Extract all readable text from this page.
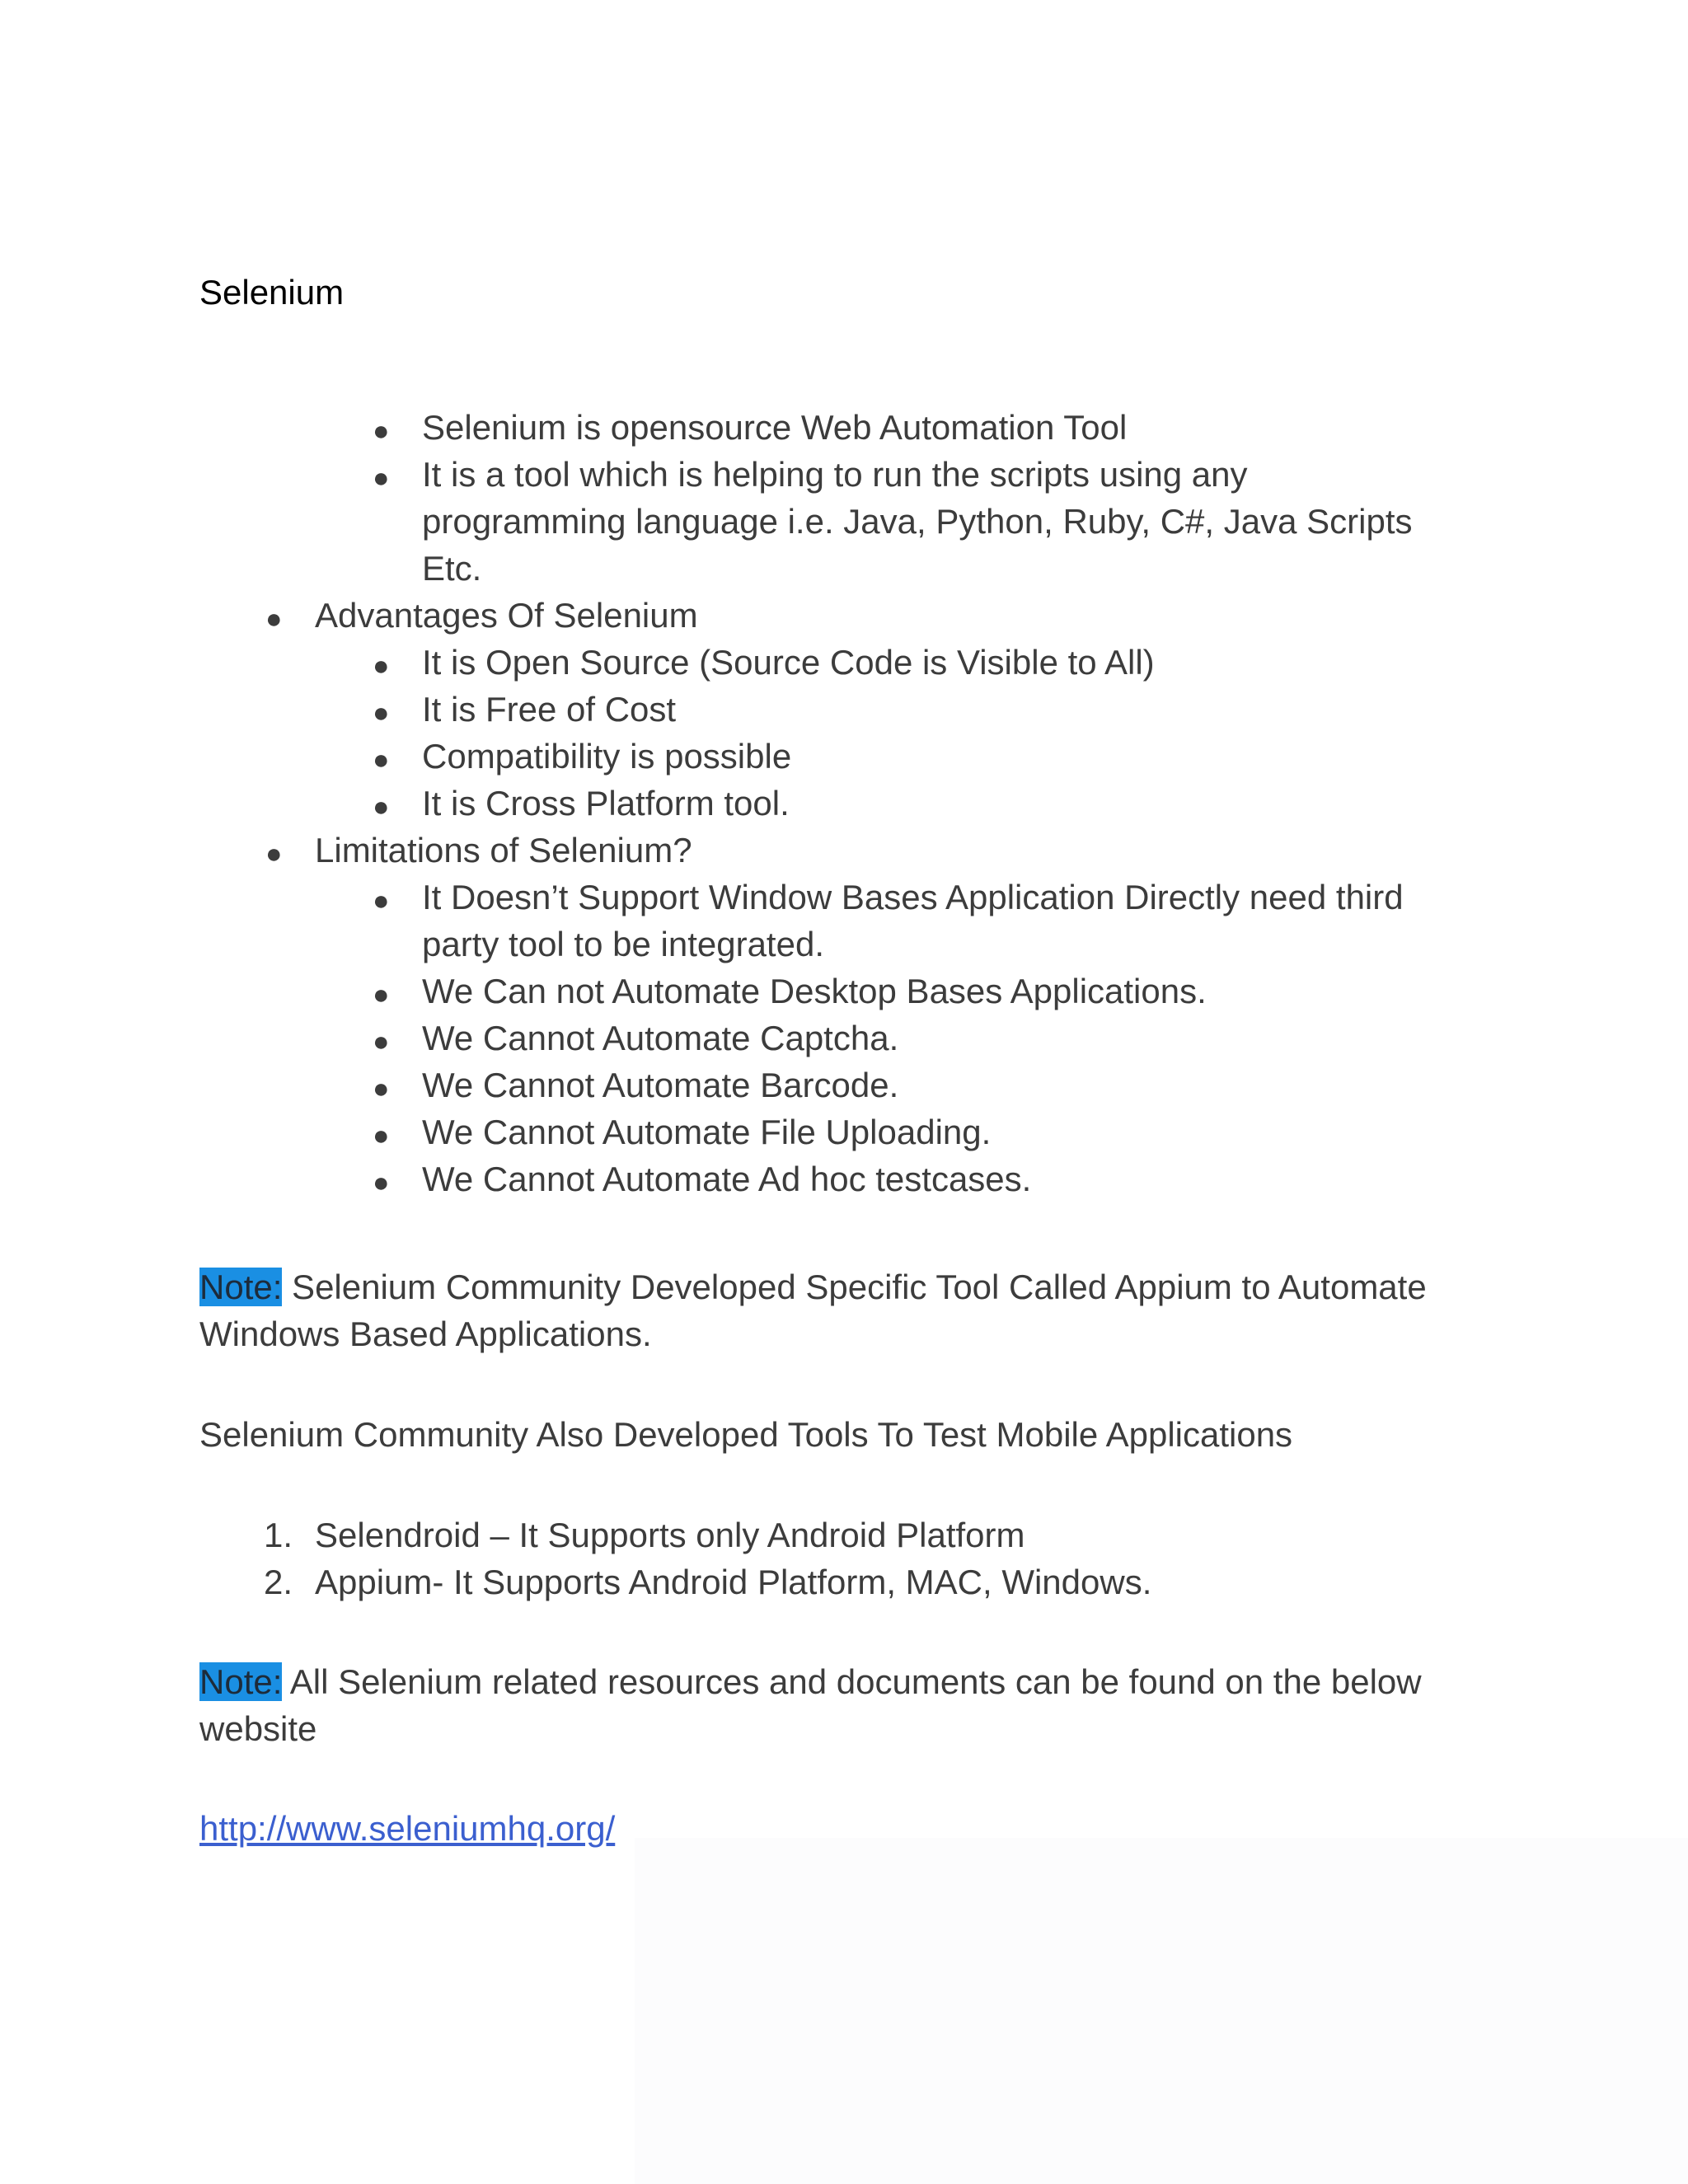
Selenium
● Selenium is opensource Web Automation Tool
● It is a tool which is helping to run the scripts using any
programming language i.e. Java, Python, Ruby, C#, Java Scripts
Etc.
● Advantages Of Selenium
● It is Open Source (Source Code is Visible to All)
● It is Free of Cost
● Compatibility is possible
● It is Cross Platform tool.
● Limitations of Selenium?
● It Doesn’t Support Window Bases Application Directly need third
party tool to be integrated.
● We Can not Automate Desktop Bases Applications.
● We Cannot Automate Captcha.
● We Cannot Automate Barcode.
● We Cannot Automate File Uploading.
● We Cannot Automate Ad hoc testcases.
Note: Selenium Community Developed Specific Tool Called Appium to Automate
Windows Based Applications.
Selenium Community Also Developed Tools To Test Mobile Applications
1. Selendroid – It Supports only Android Platform
2. Appium- It Supports Android Platform, MAC, Windows.
Note: All Selenium related resources and documents can be found on the below
website
http://www.seleniumhq.org/
